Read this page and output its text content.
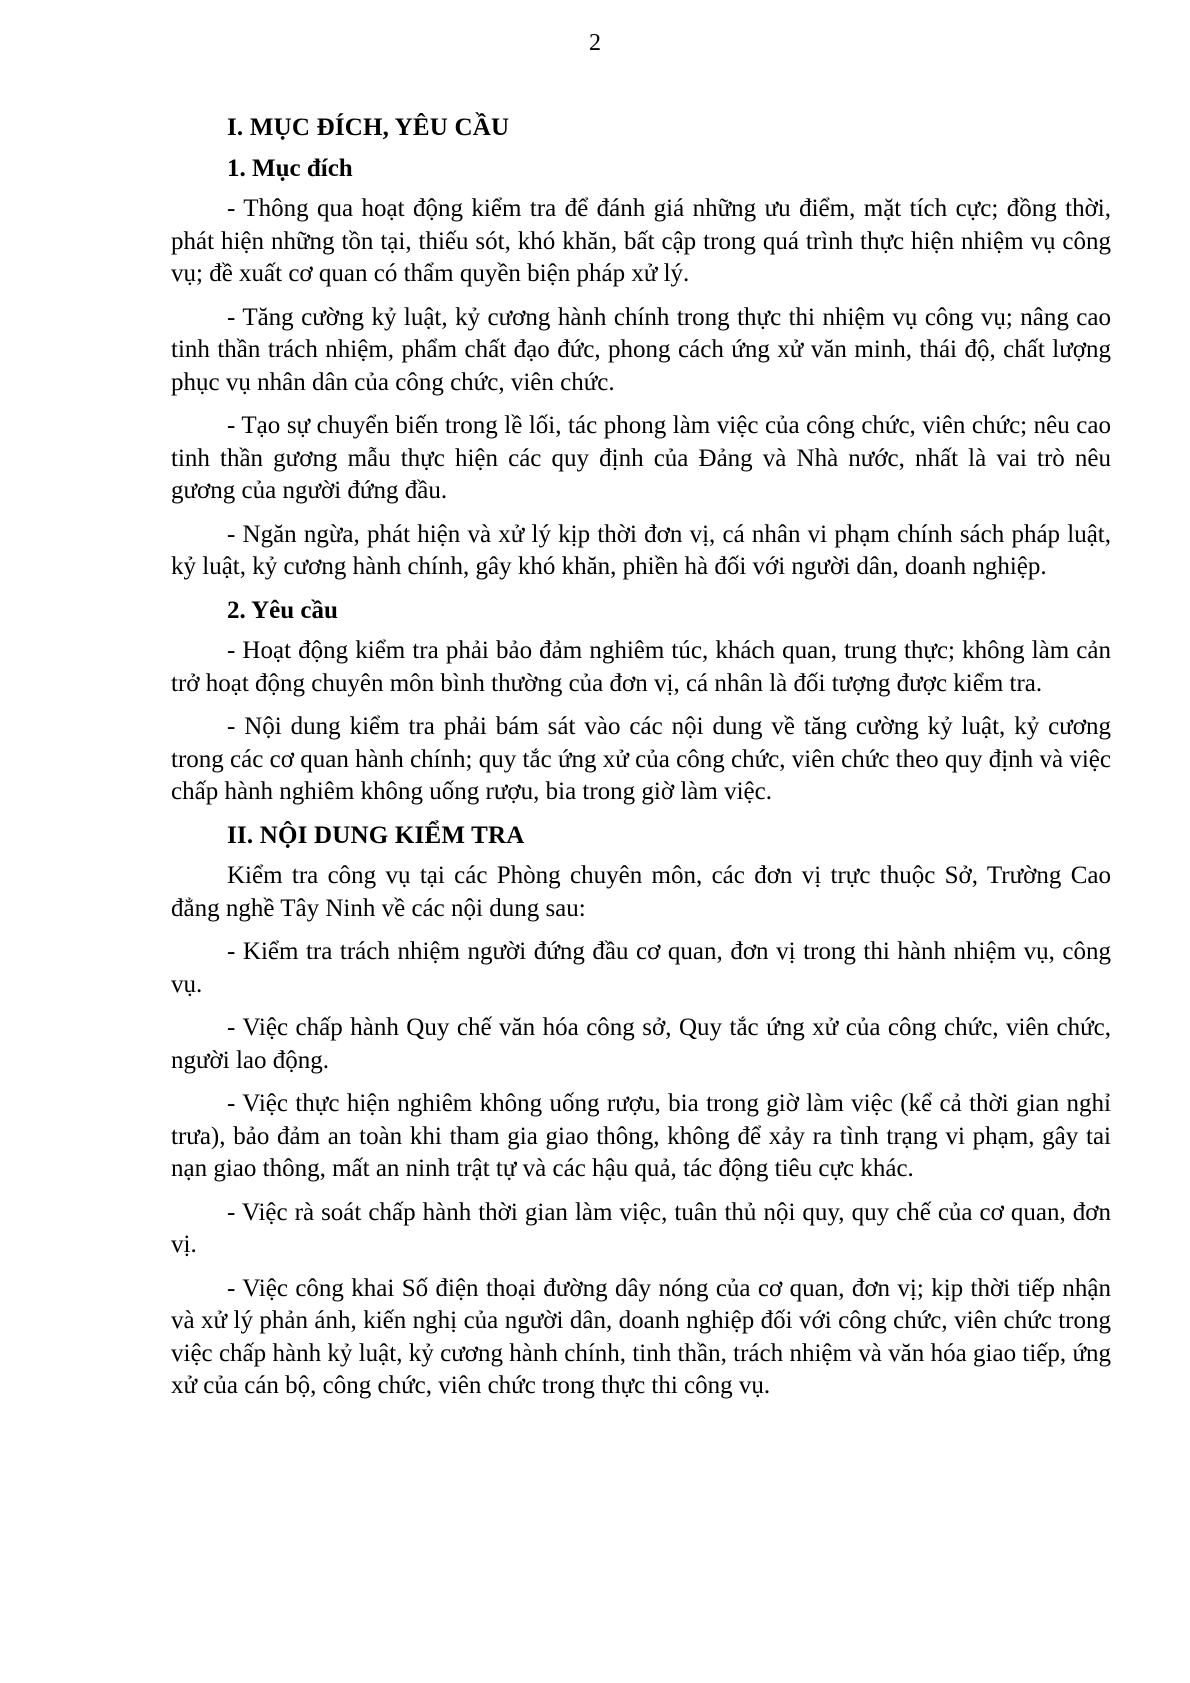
2
I. MỤC ĐÍCH, YÊU CẦU
1. Mục đích

- Thông qua hoạt động kiểm tra để đánh giá những ưu điểm, mặt tích cực; đồng thời, phát hiện những tồn tại, thiếu sót, khó khăn, bất cập trong quá trình thực hiện nhiệm vụ công vụ; đề xuất cơ quan có thẩm quyền biện pháp xử lý.

- Tăng cường kỷ luật, kỷ cương hành chính trong thực thi nhiệm vụ công vụ; nâng cao tinh thần trách nhiệm, phẩm chất đạo đức, phong cách ứng xử văn minh, thái độ, chất lượng phục vụ nhân dân của công chức, viên chức.

- Tạo sự chuyển biến trong lề lối, tác phong làm việc của công chức, viên chức; nêu cao tinh thần gương mẫu thực hiện các quy định của Đảng và Nhà nước, nhất là vai trò nêu gương của người đứng đầu.

- Ngăn ngừa, phát hiện và xử lý kịp thời đơn vị, cá nhân vi phạm chính sách pháp luật, kỷ luật, kỷ cương hành chính, gây khó khăn, phiền hà đối với người dân, doanh nghiệp.

2. Yêu cầu

- Hoạt động kiểm tra phải bảo đảm nghiêm túc, khách quan, trung thực; không làm cản trở hoạt động chuyên môn bình thường của đơn vị, cá nhân là đối tượng được kiểm tra.

- Nội dung kiểm tra phải bám sát vào các nội dung về tăng cường kỷ luật, kỷ cương trong các cơ quan hành chính; quy tắc ứng xử của công chức, viên chức theo quy định và việc chấp hành nghiêm không uống rượu, bia trong giờ làm việc.

II. NỘI DUNG KIỂM TRA

Kiểm tra công vụ tại các Phòng chuyên môn, các đơn vị trực thuộc Sở, Trường Cao đẳng nghề Tây Ninh về các nội dung sau:

- Kiểm tra trách nhiệm người đứng đầu cơ quan, đơn vị trong thi hành nhiệm vụ, công vụ.

- Việc chấp hành Quy chế văn hóa công sở, Quy tắc ứng xử của công chức, viên chức, người lao động.

- Việc thực hiện nghiêm không uống rượu, bia trong giờ làm việc (kể cả thời gian nghỉ trưa), bảo đảm an toàn khi tham gia giao thông, không để xảy ra tình trạng vi phạm, gây tai nạn giao thông, mất an ninh trật tự và các hậu quả, tác động tiêu cực khác.

- Việc rà soát chấp hành thời gian làm việc, tuân thủ nội quy, quy chế của cơ quan, đơn vị.

- Việc công khai Số điện thoại đường dây nóng của cơ quan, đơn vị; kịp thời tiếp nhận và xử lý phản ánh, kiến nghị của người dân, doanh nghiệp đối với công chức, viên chức trong việc chấp hành kỷ luật, kỷ cương hành chính, tinh thần, trách nhiệm và văn hóa giao tiếp, ứng xử của cán bộ, công chức, viên chức trong thực thi công vụ.
